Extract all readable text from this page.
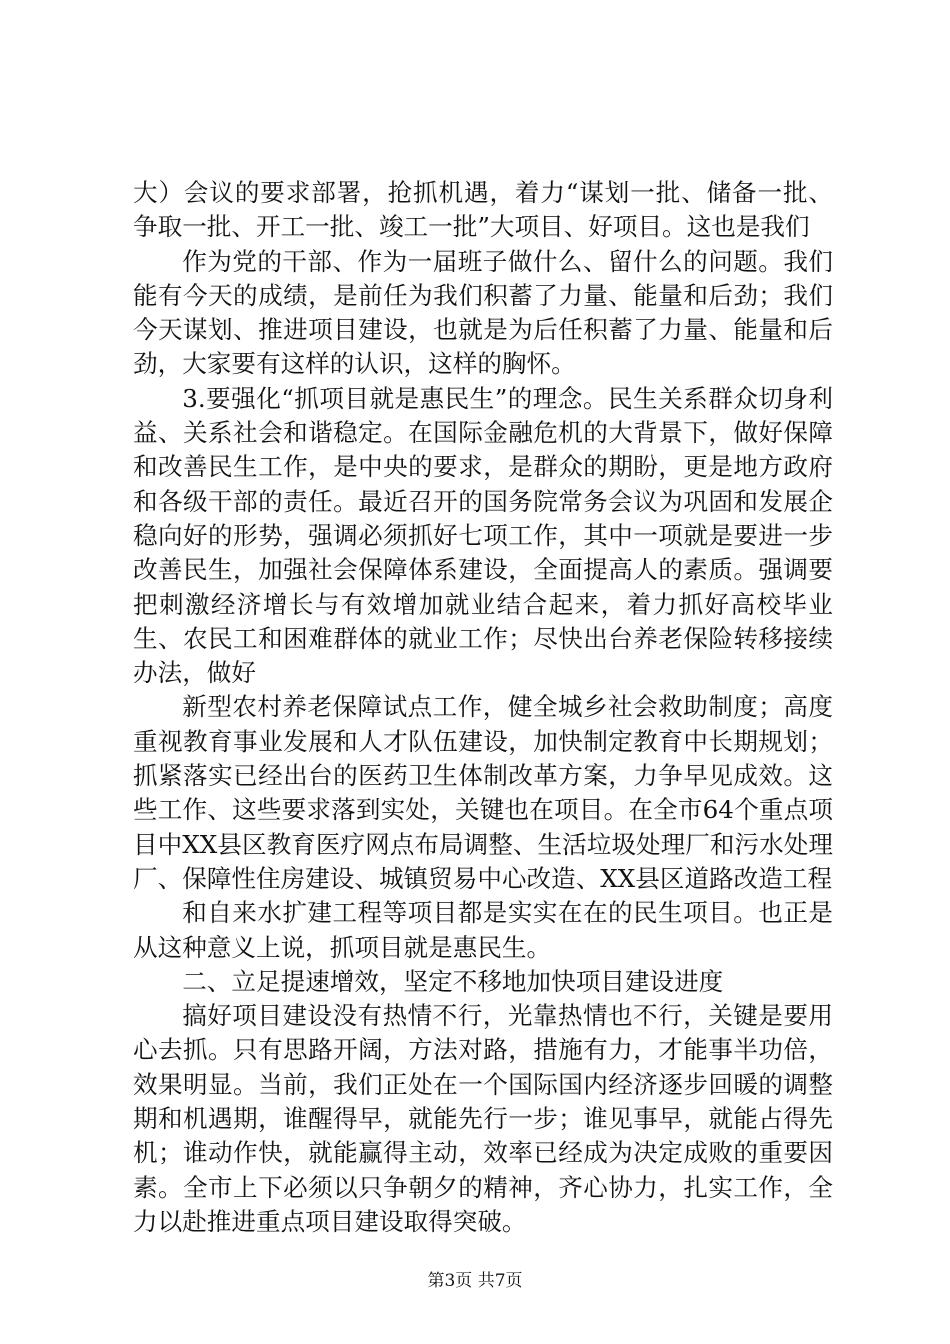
大）会议的要求部署，抢抓机遇，着力“谋划一批、储备一批、争取一批、开工一批、竣工一批”大项目、好项目。这也是我们

作为党的干部、作为一届班子做什么、留什么的问题。我们能有今天的成绩，是前任为我们积蓄了力量、能量和后劲；我们今天谋划、推进项目建设，也就是为后任积蓄了力量、能量和后劲，大家要有这样的认识，这样的胸怀。

3.要强化“抓项目就是惠民生”的理念。民生关系群众切身利益、关系社会和谐稳定。在国际金融危机的大背景下，做好保障和改善民生工作，是中央的要求，是群众的期盼，更是地方政府和各级干部的责任。最近召开的国务院常务会议为巩固和发展企稳向好的形势，强调必须抓好七项工作，其中一项就是要进一步改善民生，加强社会保障体系建设，全面提高人的素质。强调要把刺激经济增长与有效增加就业结合起来，着力抓好高校毕业生、农民工和困难群体的就业工作；尽快出台养老保险转移接续办法，做好

新型农村养老保障试点工作，健全城乡社会救助制度；高度重视教育事业发展和人才队伍建设，加快制定教育中长期规划；抓紧落实已经出台的医药卫生体制改革方案，力争早见成效。这些工作、这些要求落到实处，关键也在项目。在全市64个重点项目中XX县区教育医疗网点布局调整、生活垃圾处理厂和污水处理厂、保障性住房建设、城镇贸易中心改造、XX县区道路改造工程

和自来水扩建工程等项目都是实实在在的民生项目。也正是从这种意义上说，抓项目就是惠民生。

二、立足提速增效，坚定不移地加快项目建设进度

搞好项目建设没有热情不行，光靠热情也不行，关键是要用心去抓。只有思路开阔，方法对路，措施有力，才能事半功倍，效果明显。当前，我们正处在一个国际国内经济逐步回暖的调整期和机遇期，谁醒得早，就能先行一步；谁见事早，就能占得先机；谁动作快，就能赢得主动，效率已经成为决定成败的重要因素。全市上下必须以只争朝夕的精神，齐心协力，扎实工作，全力以赴推进重点项目建设取得突破。

第3页 共7页
